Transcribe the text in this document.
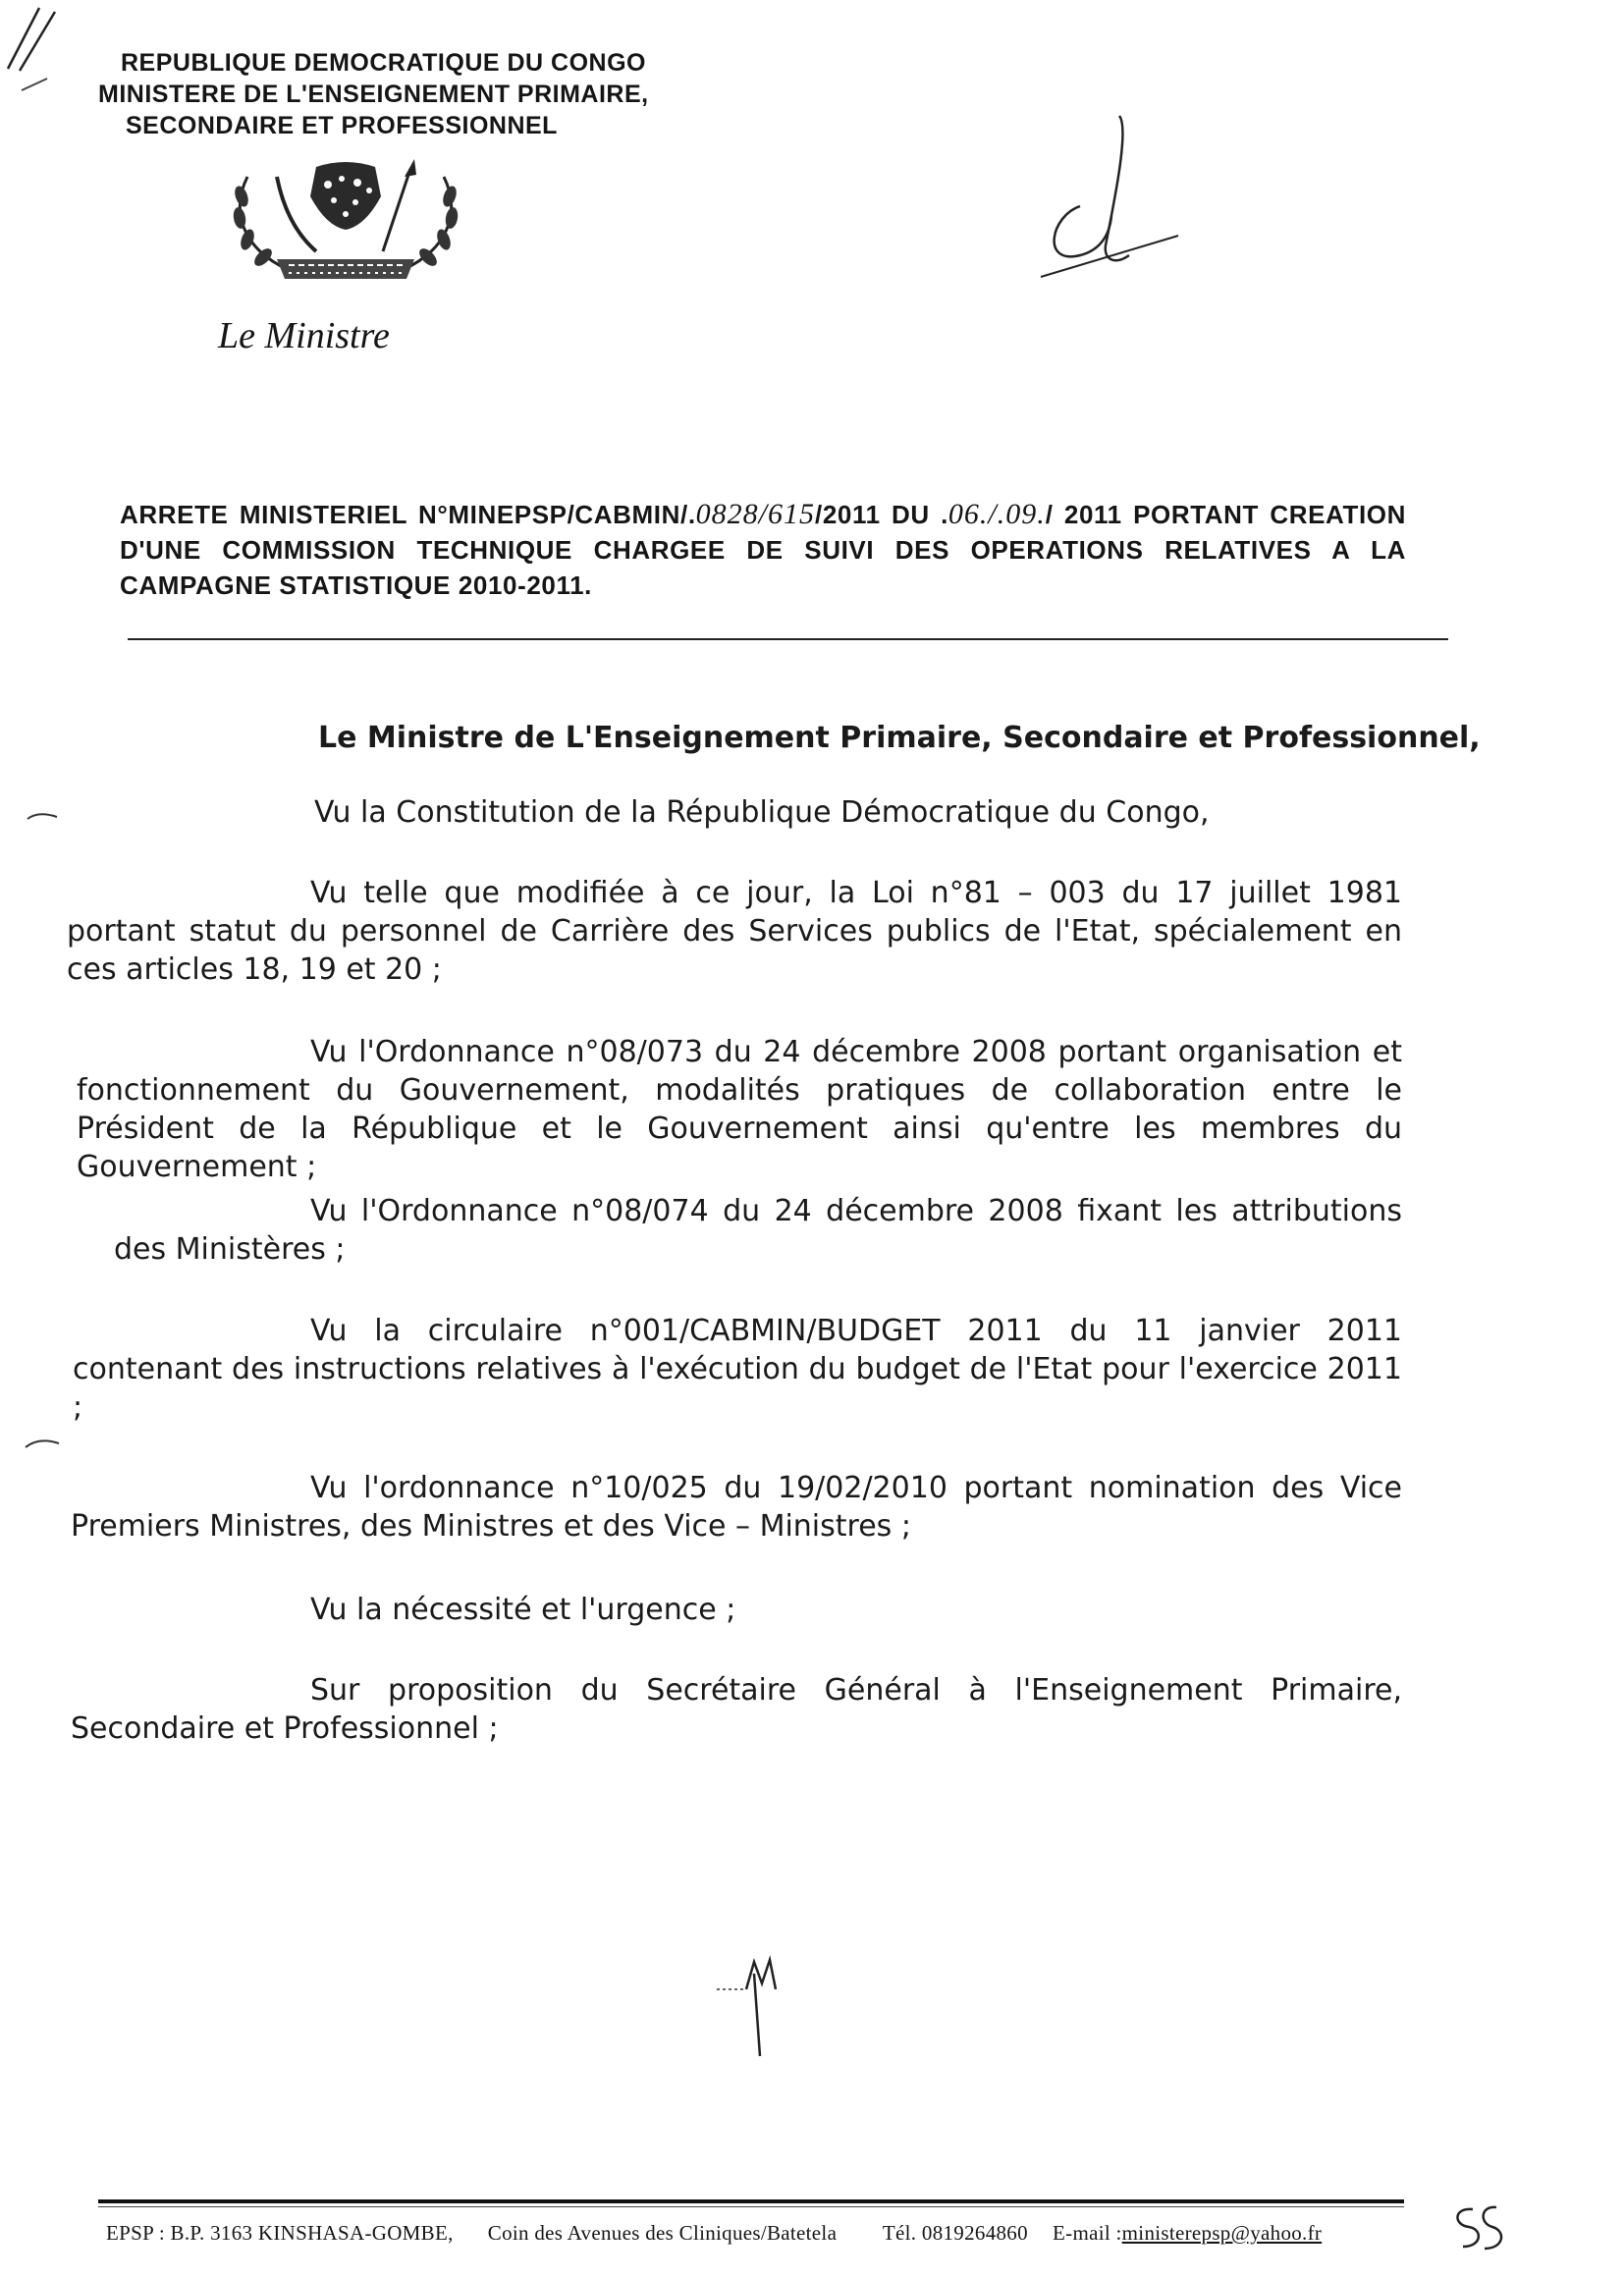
REPUBLIQUE DEMOCRATIQUE DU CONGO
MINISTERE DE L'ENSEIGNEMENT PRIMAIRE,
SECONDAIRE ET PROFESSIONNEL
Le Ministre
ARRETE MINISTERIEL N°MINEPSP/CABMIN/.0828/615/2011 DU .06./.09./ 2011 PORTANT CREATION D'UNE COMMISSION TECHNIQUE CHARGEE DE SUIVI DES OPERATIONS RELATIVES A LA CAMPAGNE STATISTIQUE 2010-2011.
Le Ministre de L'Enseignement Primaire, Secondaire et Professionnel,
Vu la Constitution de la République Démocratique du Congo,
Vu telle que modifiée à ce jour, la Loi n°81 – 003 du 17 juillet 1981
portant statut du personnel de Carrière des Services publics de l'Etat, spécialement en ces articles 18, 19 et 20 ;
Vu l'Ordonnance n°08/073 du 24 décembre 2008 portant organisation et
fonctionnement du Gouvernement, modalités pratiques de collaboration entre le Président de la République et le Gouvernement ainsi qu'entre les membres du Gouvernement ;
Vu l'Ordonnance n°08/074 du 24 décembre 2008 fixant les attributions
des Ministères ;
Vu la circulaire n°001/CABMIN/BUDGET 2011 du 11 janvier 2011
contenant des instructions relatives à l'exécution du budget de l'Etat pour l'exercice 2011 ;
Vu l'ordonnance n°10/025 du 19/02/2010 portant nomination des Vice
Premiers Ministres, des Ministres et des Vice – Ministres ;
Vu la nécessité et l'urgence ;
Sur proposition du Secrétaire Général à l'Enseignement Primaire,
Secondaire et Professionnel ;
EPSP : B.P. 3163 KINSHASA-GOMBE, Coin des Avenues des Cliniques/Batetela Tél. 0819264860 E-mail :ministerepsp@yahoo.fr
